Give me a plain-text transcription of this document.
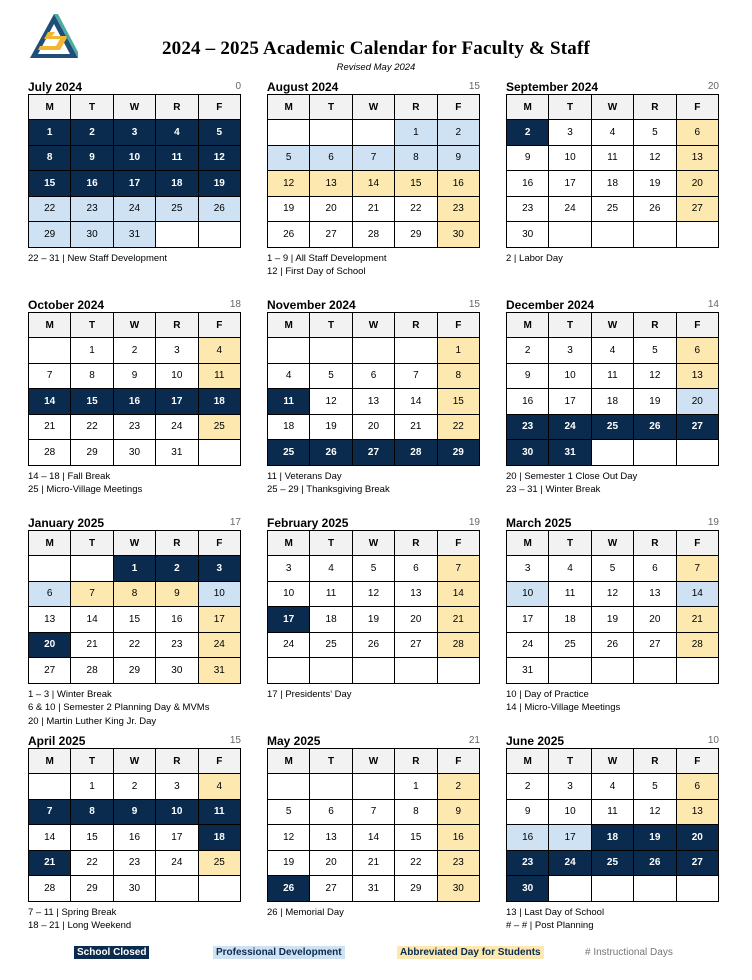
2024 – 2025 Academic Calendar for Faculty & Staff
Revised May 2024
July 2024	0
M	T	W	R	F
1	2	3	4	5
8	9	10	11	12
15	16	17	18	19
22	23	24	25	26
29	30	31		
22 – 31 | New Staff Development
August 2024	15
M	T	W	R	F
			1	2
5	6	7	8	9
12	13	14	15	16
19	20	21	22	23
26	27	28	29	30
1 – 9 | All Staff Development
12 | First Day of School
September 2024	20
M	T	W	R	F
2	3	4	5	6
9	10	11	12	13
16	17	18	19	20
23	24	25	26	27
30				
2 | Labor Day
October 2024	18
M	T	W	R	F
	1	2	3	4
7	8	9	10	11
14	15	16	17	18
21	22	23	24	25
28	29	30	31	
14 – 18 | Fall Break
25 | Micro-Village Meetings
November 2024	15
M	T	W	R	F
				1
4	5	6	7	8
11	12	13	14	15
18	19	20	21	22
25	26	27	28	29
11 | Veterans Day
25 – 29 | Thanksgiving Break
December 2024	14
M	T	W	R	F
2	3	4	5	6
9	10	11	12	13
16	17	18	19	20
23	24	25	26	27
30	31			
20 | Semester 1 Close Out Day
23 – 31 | Winter Break
January 2025	17
M	T	W	R	F
		1	2	3
6	7	8	9	10
13	14	15	16	17
20	21	22	23	24
27	28	29	30	31
1 – 3 | Winter Break
6 & 10 | Semester 2 Planning Day & MVMs
20 | Martin Luther King Jr. Day
February 2025	19
M	T	W	R	F
3	4	5	6	7
10	11	12	13	14
17	18	19	20	21
24	25	26	27	28

17 | Presidents' Day
March 2025	19
M	T	W	R	F
3	4	5	6	7
10	11	12	13	14
17	18	19	20	21
24	25	26	27	28
31				
10 | Day of Practice
14 | Micro-Village Meetings
April 2025	15
M	T	W	R	F
	1	2	3	4
7	8	9	10	11
14	15	16	17	18
21	22	23	24	25
28	29	30		
7 – 11 | Spring Break
18 – 21 | Long Weekend
May 2025	21
M	T	W	R	F
			1	2
5	6	7	8	9
12	13	14	15	16
19	20	21	22	23
26	27	31	29	30
26 | Memorial Day
June 2025	10
M	T	W	R	F
2	3	4	5	6
9	10	11	12	13
16	17	18	19	20
23	24	25	26	27
30				
13 | Last Day of School
# – # | Post Planning
School Closed	Professional Development	Abbreviated Day for Students	# Instructional Days
